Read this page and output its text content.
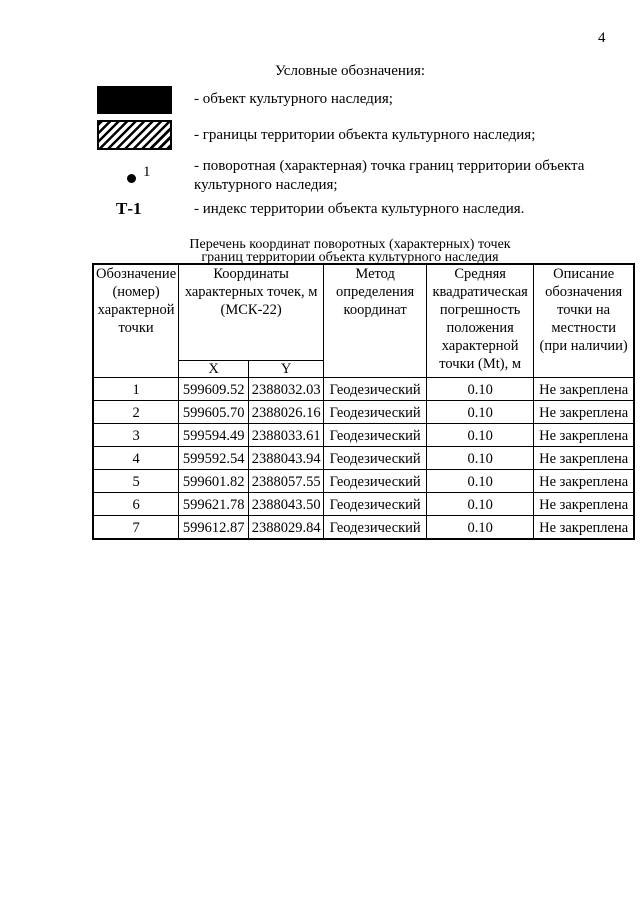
4
Условные обозначения:
- объект культурного наследия;
- границы территории объекта культурного наследия;
1	- поворотная (характерная) точка границ территории объекта культурного наследия;
Т-1	- индекс территории объекта культурного наследия.
Перечень координат поворотных (характерных) точек
границ территории объекта культурного наследия
Обозначение (номер) характерной точки	Координаты характерных точек, м (МСК-22)		Метод определения координат	Средняя квадратическая погрешность положения характерной точки (Mt), м	Описание обозначения точки на местности (при наличии)
	X	Y			
1	599609.52	2388032.03	Геодезический	0.10	Не закреплена
2	599605.70	2388026.16	Геодезический	0.10	Не закреплена
3	599594.49	2388033.61	Геодезический	0.10	Не закреплена
4	599592.54	2388043.94	Геодезический	0.10	Не закреплена
5	599601.82	2388057.55	Геодезический	0.10	Не закреплена
6	599621.78	2388043.50	Геодезический	0.10	Не закреплена
7	599612.87	2388029.84	Геодезический	0.10	Не закреплена
